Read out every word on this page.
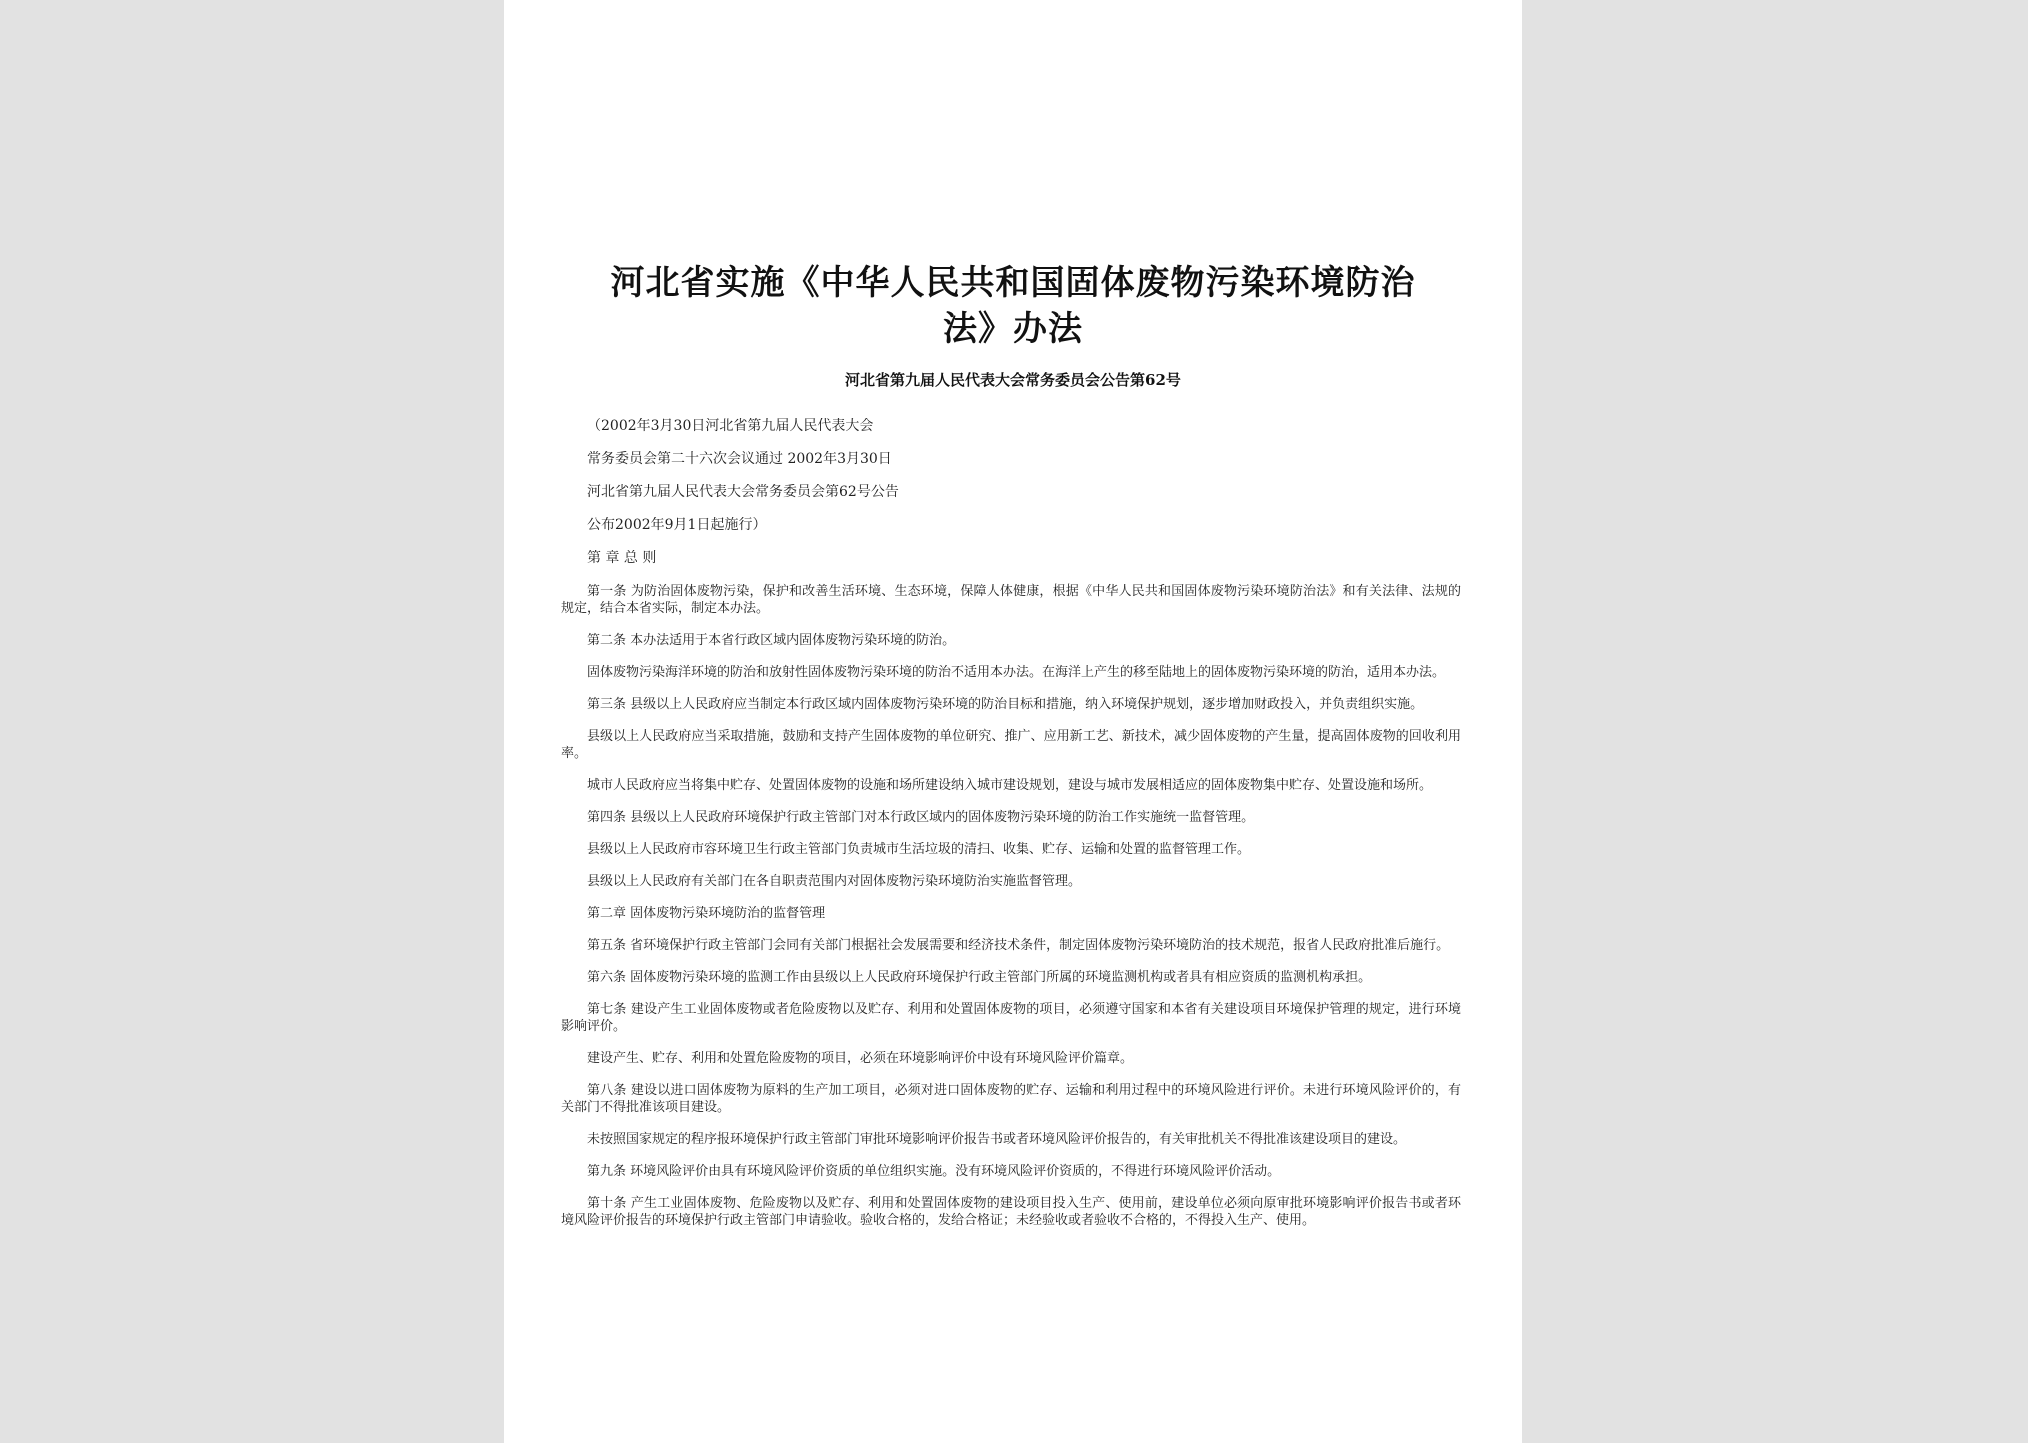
河北省实施《中华人民共和国固体废物污染环境防治
法》办法
河北省第九届人民代表大会常务委员会公告第62号

（2002年3月30日河北省第九届人民代表大会

常务委员会第二十六次会议通过 2002年3月30日

河北省第九届人民代表大会常务委员会第62号公告

公布2002年9月1日起施行）

第 章 总 则

第一条 为防治固体废物污染，保护和改善生活环境、生态环境，保障人体健康，根据《中华人民共和国固体废物污染环境防治法》和有关法律、法规的规定，结合本省实际，制定本办法。

第二条 本办法适用于本省行政区域内固体废物污染环境的防治。

固体废物污染海洋环境的防治和放射性固体废物污染环境的防治不适用本办法。在海洋上产生的移至陆地上的固体废物污染环境的防治，适用本办法。

第三条 县级以上人民政府应当制定本行政区域内固体废物污染环境的防治目标和措施，纳入环境保护规划，逐步增加财政投入，并负责组织实施。

县级以上人民政府应当采取措施，鼓励和支持产生固体废物的单位研究、推广、应用新工艺、新技术，减少固体废物的产生量，提高固体废物的回收利用率。

城市人民政府应当将集中贮存、处置固体废物的设施和场所建设纳入城市建设规划，建设与城市发展相适应的固体废物集中贮存、处置设施和场所。

第四条 县级以上人民政府环境保护行政主管部门对本行政区域内的固体废物污染环境的防治工作实施统一监督管理。

县级以上人民政府市容环境卫生行政主管部门负责城市生活垃圾的清扫、收集、贮存、运输和处置的监督管理工作。

县级以上人民政府有关部门在各自职责范围内对固体废物污染环境防治实施监督管理。

第二章 固体废物污染环境防治的监督管理

第五条 省环境保护行政主管部门会同有关部门根据社会发展需要和经济技术条件，制定固体废物污染环境防治的技术规范，报省人民政府批准后施行。

第六条 固体废物污染环境的监测工作由县级以上人民政府环境保护行政主管部门所属的环境监测机构或者具有相应资质的监测机构承担。

第七条 建设产生工业固体废物或者危险废物以及贮存、利用和处置固体废物的项目，必须遵守国家和本省有关建设项目环境保护管理的规定，进行环境影响评价。

建设产生、贮存、利用和处置危险废物的项目，必须在环境影响评价中设有环境风险评价篇章。

第八条 建设以进口固体废物为原料的生产加工项目，必须对进口固体废物的贮存、运输和利用过程中的环境风险进行评价。未进行环境风险评价的，有关部门不得批准该项目建设。

未按照国家规定的程序报环境保护行政主管部门审批环境影响评价报告书或者环境风险评价报告的，有关审批机关不得批准该建设项目的建设。

第九条 环境风险评价由具有环境风险评价资质的单位组织实施。没有环境风险评价资质的，不得进行环境风险评价活动。

第十条 产生工业固体废物、危险废物以及贮存、利用和处置固体废物的建设项目投入生产、使用前，建设单位必须向原审批环境影响评价报告书或者环境风险评价报告的环境保护行政主管部门申请验收。验收合格的，发给合格证；未经验收或者验收不合格的，不得投入生产、使用。
